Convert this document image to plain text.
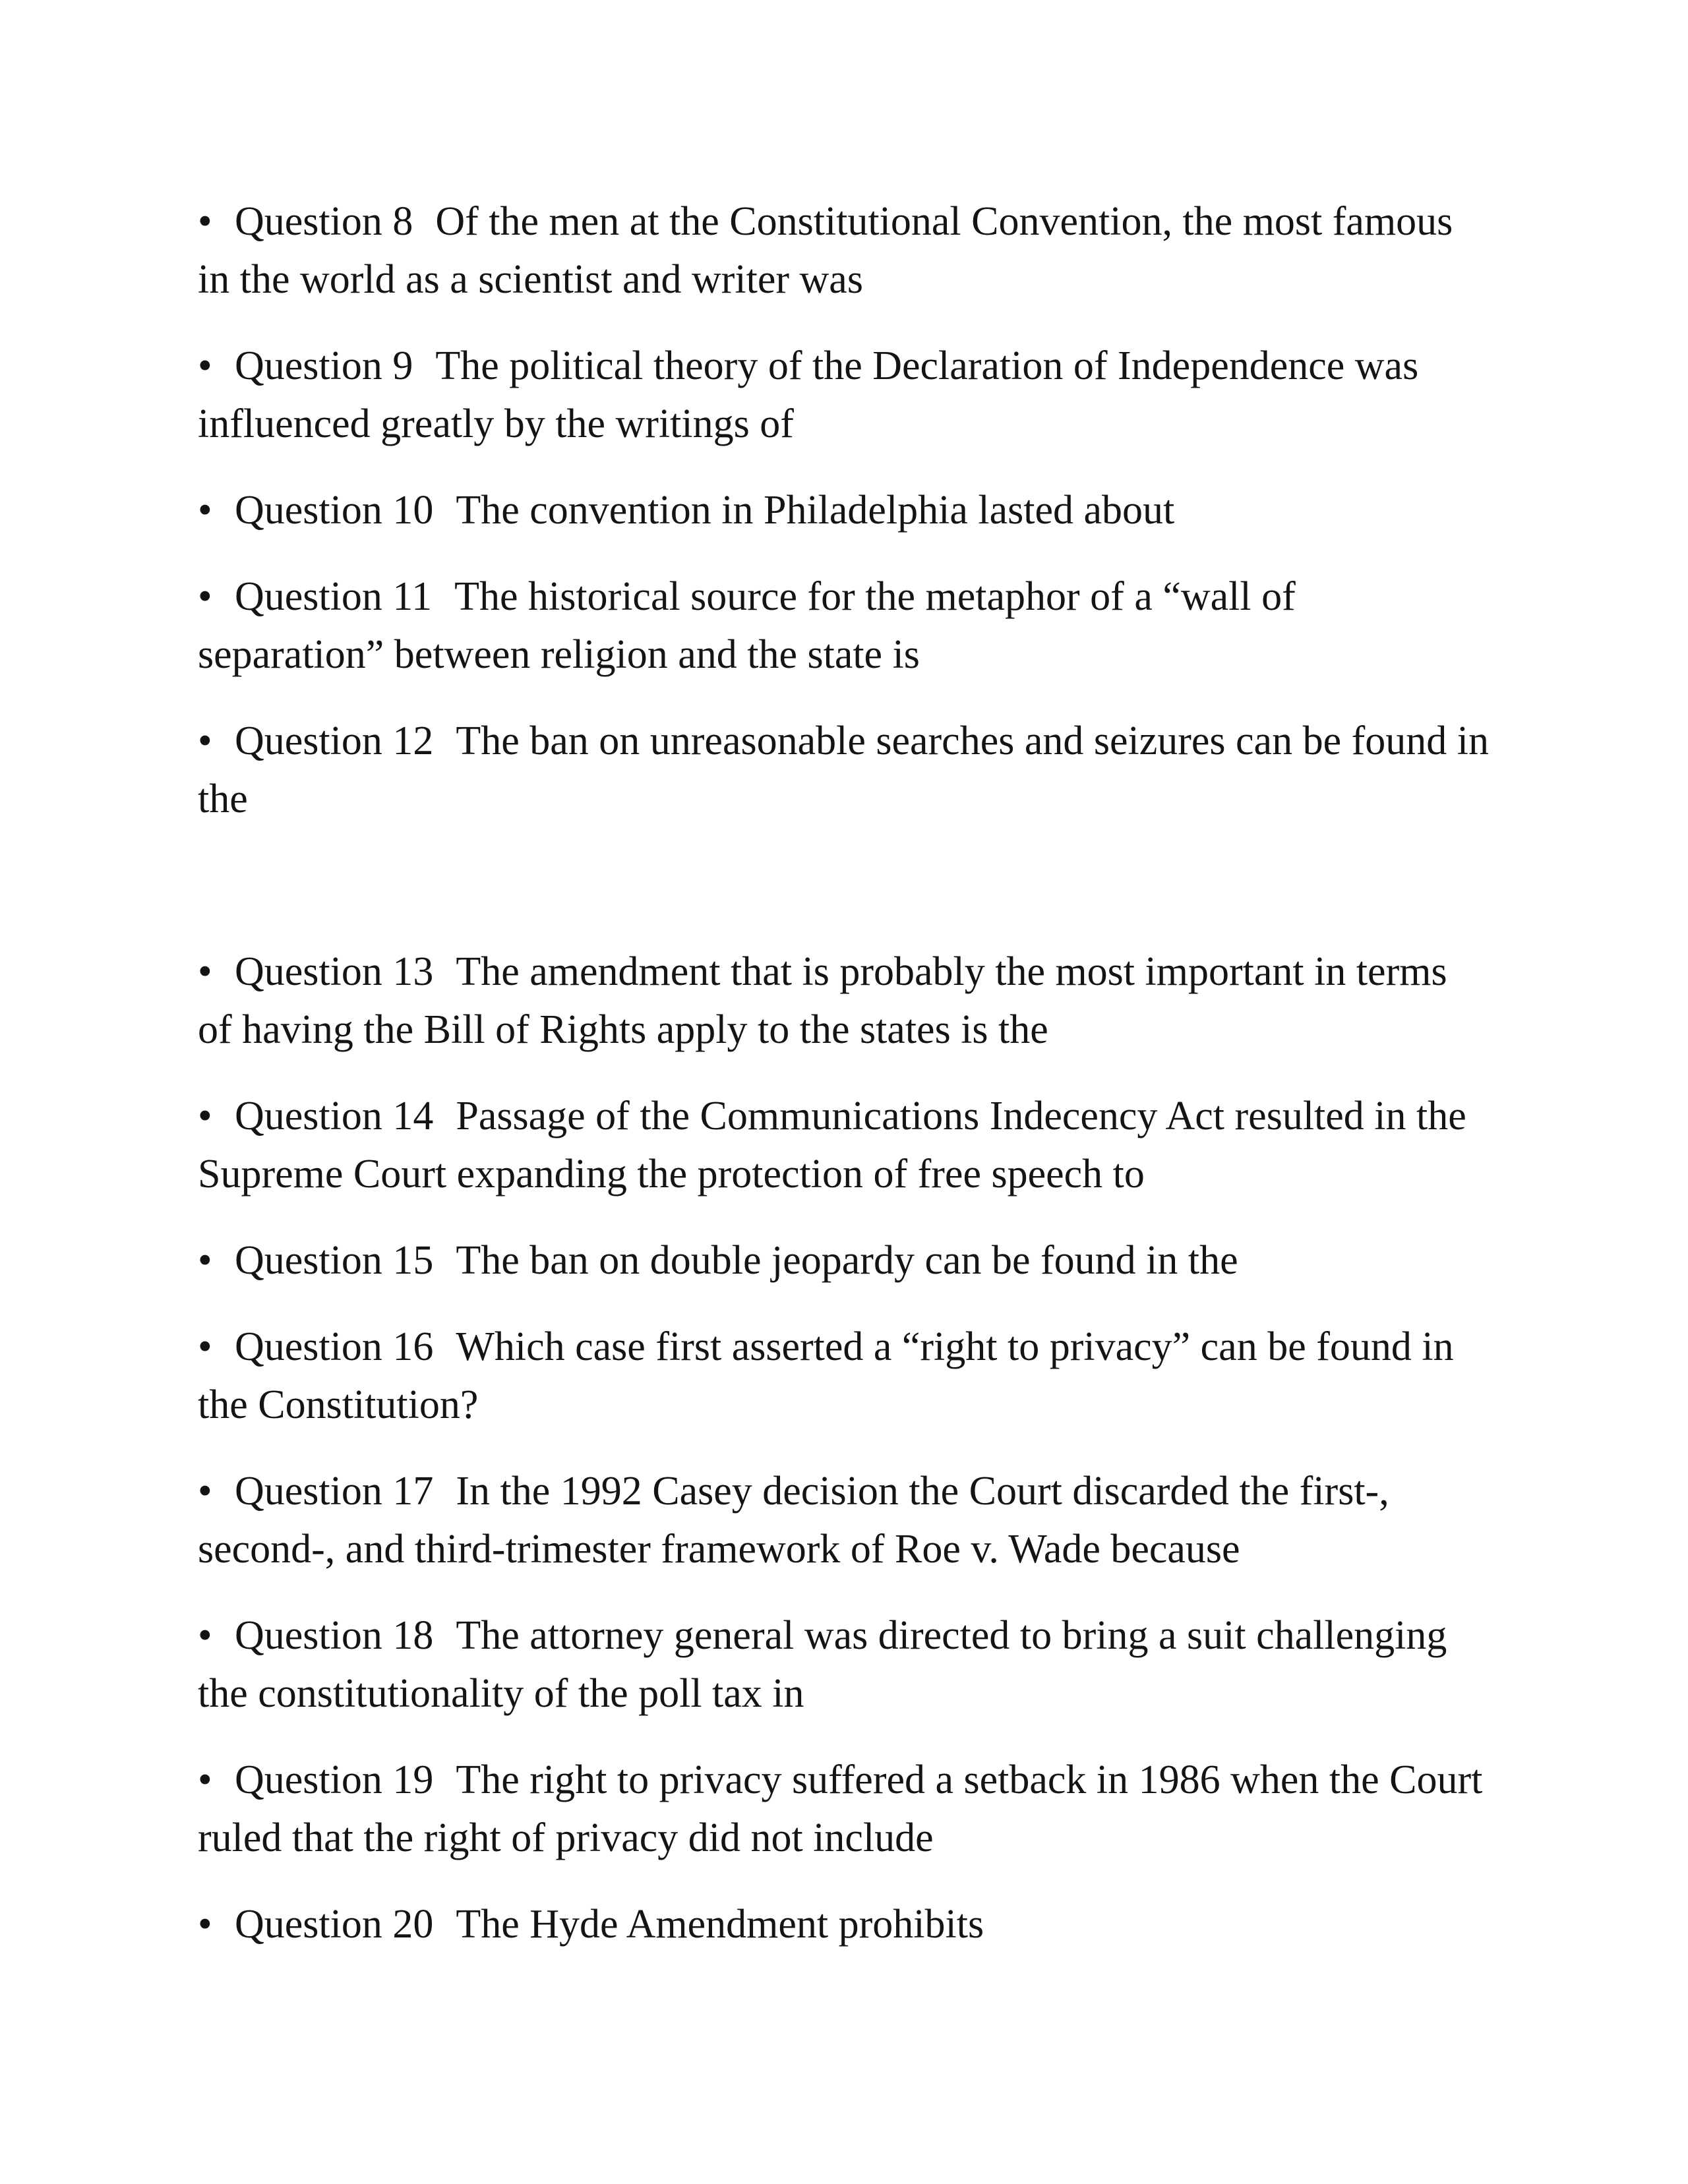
• Question 8 Of the men at the Constitutional Convention, the most famous in the world as a scientist and writer was
• Question 9 The political theory of the Declaration of Independence was influenced greatly by the writings of
• Question 10 The convention in Philadelphia lasted about
• Question 11 The historical source for the metaphor of a “wall of separation” between religion and the state is
• Question 12 The ban on unreasonable searches and seizures can be found in the
• Question 13 The amendment that is probably the most important in terms of having the Bill of Rights apply to the states is the
• Question 14 Passage of the Communications Indecency Act resulted in the Supreme Court expanding the protection of free speech to
• Question 15 The ban on double jeopardy can be found in the
• Question 16 Which case first asserted a “right to privacy” can be found in the Constitution?
• Question 17 In the 1992 Casey decision the Court discarded the first-, second-, and third-trimester framework of Roe v. Wade because
• Question 18 The attorney general was directed to bring a suit challenging the constitutionality of the poll tax in
• Question 19 The right to privacy suffered a setback in 1986 when the Court ruled that the right of privacy did not include
• Question 20 The Hyde Amendment prohibits
